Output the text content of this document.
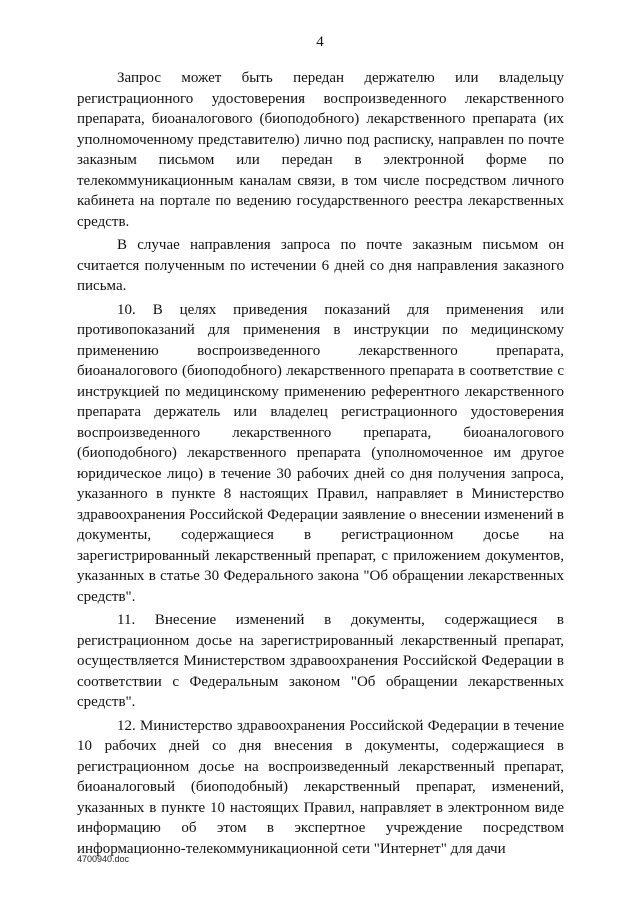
4

Запрос может быть передан держателю или владельцу регистрационного удостоверения воспроизведенного лекарственного препарата, биоаналогового (биоподобного) лекарственного препарата (их уполномоченному представителю) лично под расписку, направлен по почте заказным письмом или передан в электронной форме по телекоммуникационным каналам связи, в том числе посредством личного кабинета на портале по ведению государственного реестра лекарственных средств.

В случае направления запроса по почте заказным письмом он считается полученным по истечении 6 дней со дня направления заказного письма.

10. В целях приведения показаний для применения или противопоказаний для применения в инструкции по медицинскому применению воспроизведенного лекарственного препарата, биоаналогового (биоподобного) лекарственного препарата в соответствие с инструкцией по медицинскому применению референтного лекарственного препарата держатель или владелец регистрационного удостоверения воспроизведенного лекарственного препарата, биоаналогового (биоподобного) лекарственного препарата (уполномоченное им другое юридическое лицо) в течение 30 рабочих дней со дня получения запроса, указанного в пункте 8 настоящих Правил, направляет в Министерство здравоохранения Российской Федерации заявление о внесении изменений в документы, содержащиеся в регистрационном досье на зарегистрированный лекарственный препарат, с приложением документов, указанных в статье 30 Федерального закона "Об обращении лекарственных средств".

11. Внесение изменений в документы, содержащиеся в регистрационном досье на зарегистрированный лекарственный препарат, осуществляется Министерством здравоохранения Российской Федерации в соответствии с Федеральным законом "Об обращении лекарственных средств".

12. Министерство здравоохранения Российской Федерации в течение 10 рабочих дней со дня внесения в документы, содержащиеся в регистрационном досье на воспроизведенный лекарственный препарат, биоаналоговый (биоподобный) лекарственный препарат, изменений, указанных в пункте 10 настоящих Правил, направляет в электронном виде информацию об этом в экспертное учреждение посредством информационно-телекоммуникационной сети "Интернет" для дачи

4700940.doc
